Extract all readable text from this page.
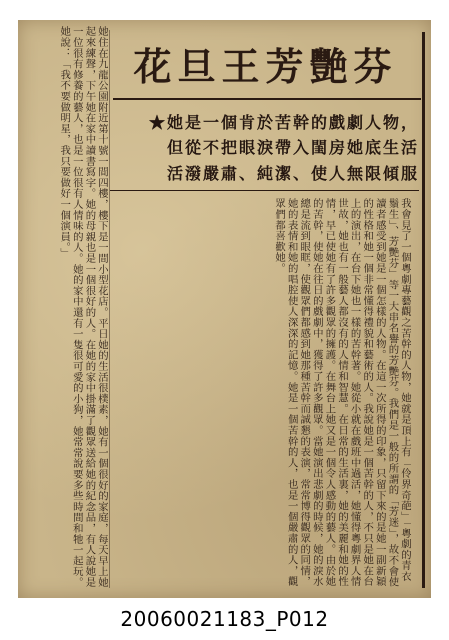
她住在九龍公園附近第十號一間四樓，樓下是一間小型花店。平日她的生活很樸素，她有一個很好的家庭，每天早上她起來練聲，下午她在家中讀書寫字。她的母親也是一個很好的人。在她的家中掛滿了觀眾送給她的紀念品，有人說她是一位很有修養的藝人，也是一位很有人情味的人。她的家中還有一隻很可愛的小狗，她常常說要多些時間和牠一起玩。她說：「我不要做明星，我只要做好一個演員。」	花旦王芳艷芬
★她是一個肯於苦幹的戲劇人物，
但從不把眼淚帶入閨房她底生活
活潑嚴肅、純潔、使人無限傾服
我會見了一個粵劇專藝觀之苦幹的人物，她就是頂上有「伶界奇葩」「粵劇的青衣鬚生」、芳艷芬」等一大串名譽的芳艷芬。我們是一般的所謂的「芳迷」，故不會使讀者感受到她是一個怎樣的人物。在這一次所得的印象，只留下來的是她一副新穎的性格和她一個非常懂得禮貌和藝術的人。我說她是一個苦幹的人，不只是她在台上的演出，在台下她也一樣的苦幹著。她從小就在戲班中過活，她懂得粵劇界人情世故，她也有一般藝人都沒有的人情和智慧。在日常的生活裏，她的美麗和她的性情，早已使她有了許多觀眾的擁護。在舞台上她又是一個令人感動的藝人。由於她的苦幹，使她在往日的戲劇中，獲得了許多觀眾。當她演出悲劇的時候，她的淚水總是流到眼眶，使觀眾們都感到她那種苦幹而誠懇的表演，常常博得觀眾的同情，她的表情和她的唱腔使人深深的記憶。她是一個苦幹的人，也是一個嚴肅的人，觀眾們都喜歡她。
20060021183_P012
